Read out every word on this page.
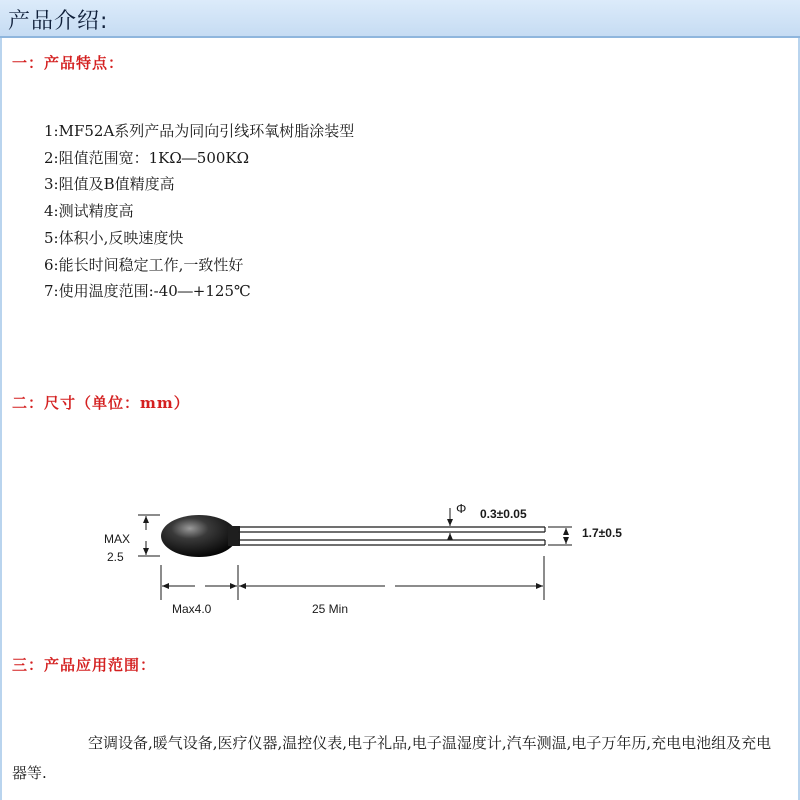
产品介绍:
一：产品特点：
1:MF52A系列产品为同向引线环氧树脂涂装型
2:阻值范围宽：1KΩ―500KΩ
3:阻值及B值精度高
4:测试精度高
5:体积小,反映速度快
6:能长时间稳定工作,一致性好
7:使用温度范围:-40―+125℃
二：尺寸（单位：mm）
MAX
2.5
Φ 0.3±0.05
1.7±0.5
Max4.0	25 Min
三：产品应用范围：
空调设备,暖气设备,医疗仪器,温控仪表,电子礼品,电子温湿度计,汽车测温,电子万年历,充电电池组及充电器等.
